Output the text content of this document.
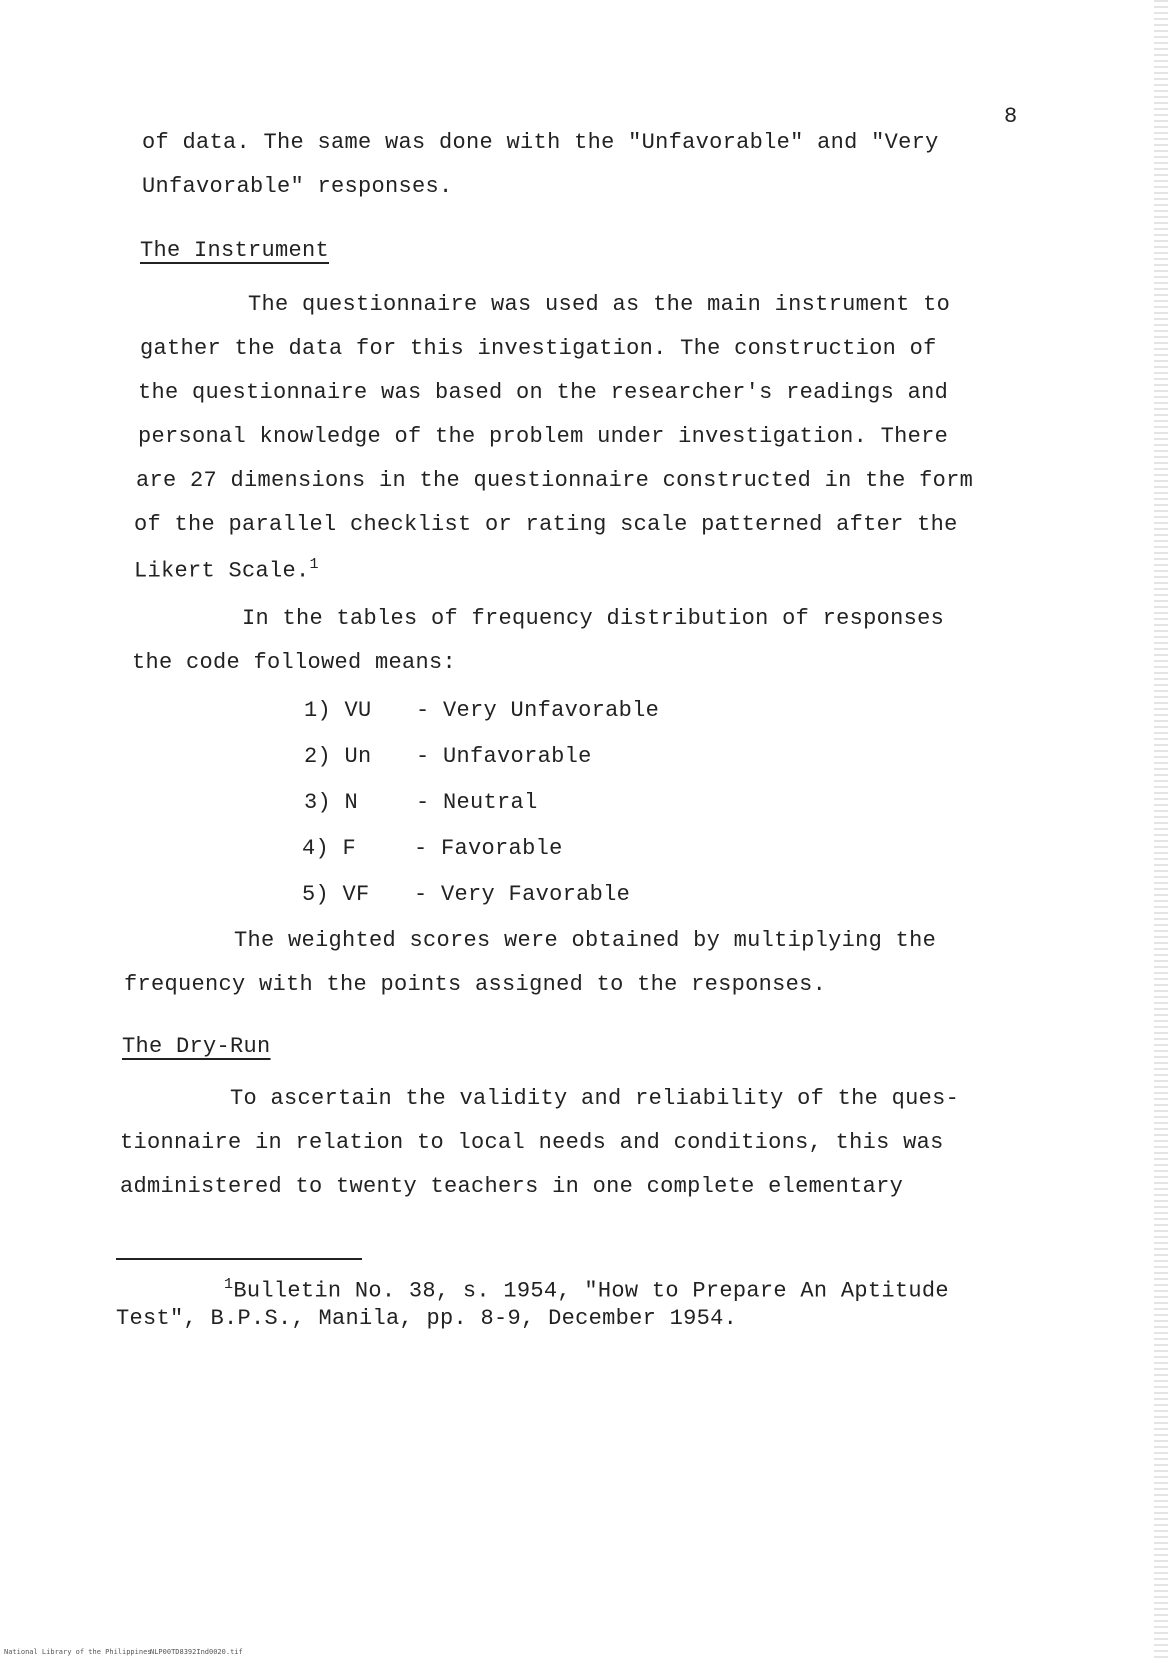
8
of data. The same was done with the "Unfavorable" and "Very
Unfavorable" responses.
The Instrument
The questionnaire was used as the main instrument to
gather the data for this investigation. The construction of
the questionnaire was based on the researcher's readings and
personal knowledge of the problem under investigation. There
are 27 dimensions in the questionnaire constructed in the form
of the parallel checklist or rating scale patterned after the
Likert Scale.$^1$
In the tables of frequency distribution of responses
the code followed means:
1) VU - Very Unfavorable
2) Un - Unfavorable
3) N	- Neutral
4) F	- Favorable
5) VF - Very Favorable
The weighted scores were obtained by multiplying the
frequency with the points assigned to the responses.
The Dry-Run
To ascertain the validity and reliability of the ques-
tionnaire in relation to local needs and conditions, this was
administered to twenty teachers in one complete elementary
$^1$Bulletin No. 38, s. 1954, "How to Prepare An Aptitude
Test", B.P.S., Manila, pp. 8-9, December 1954.
National Library of the Philippines
NLP00TD8392Ind0020.tif
